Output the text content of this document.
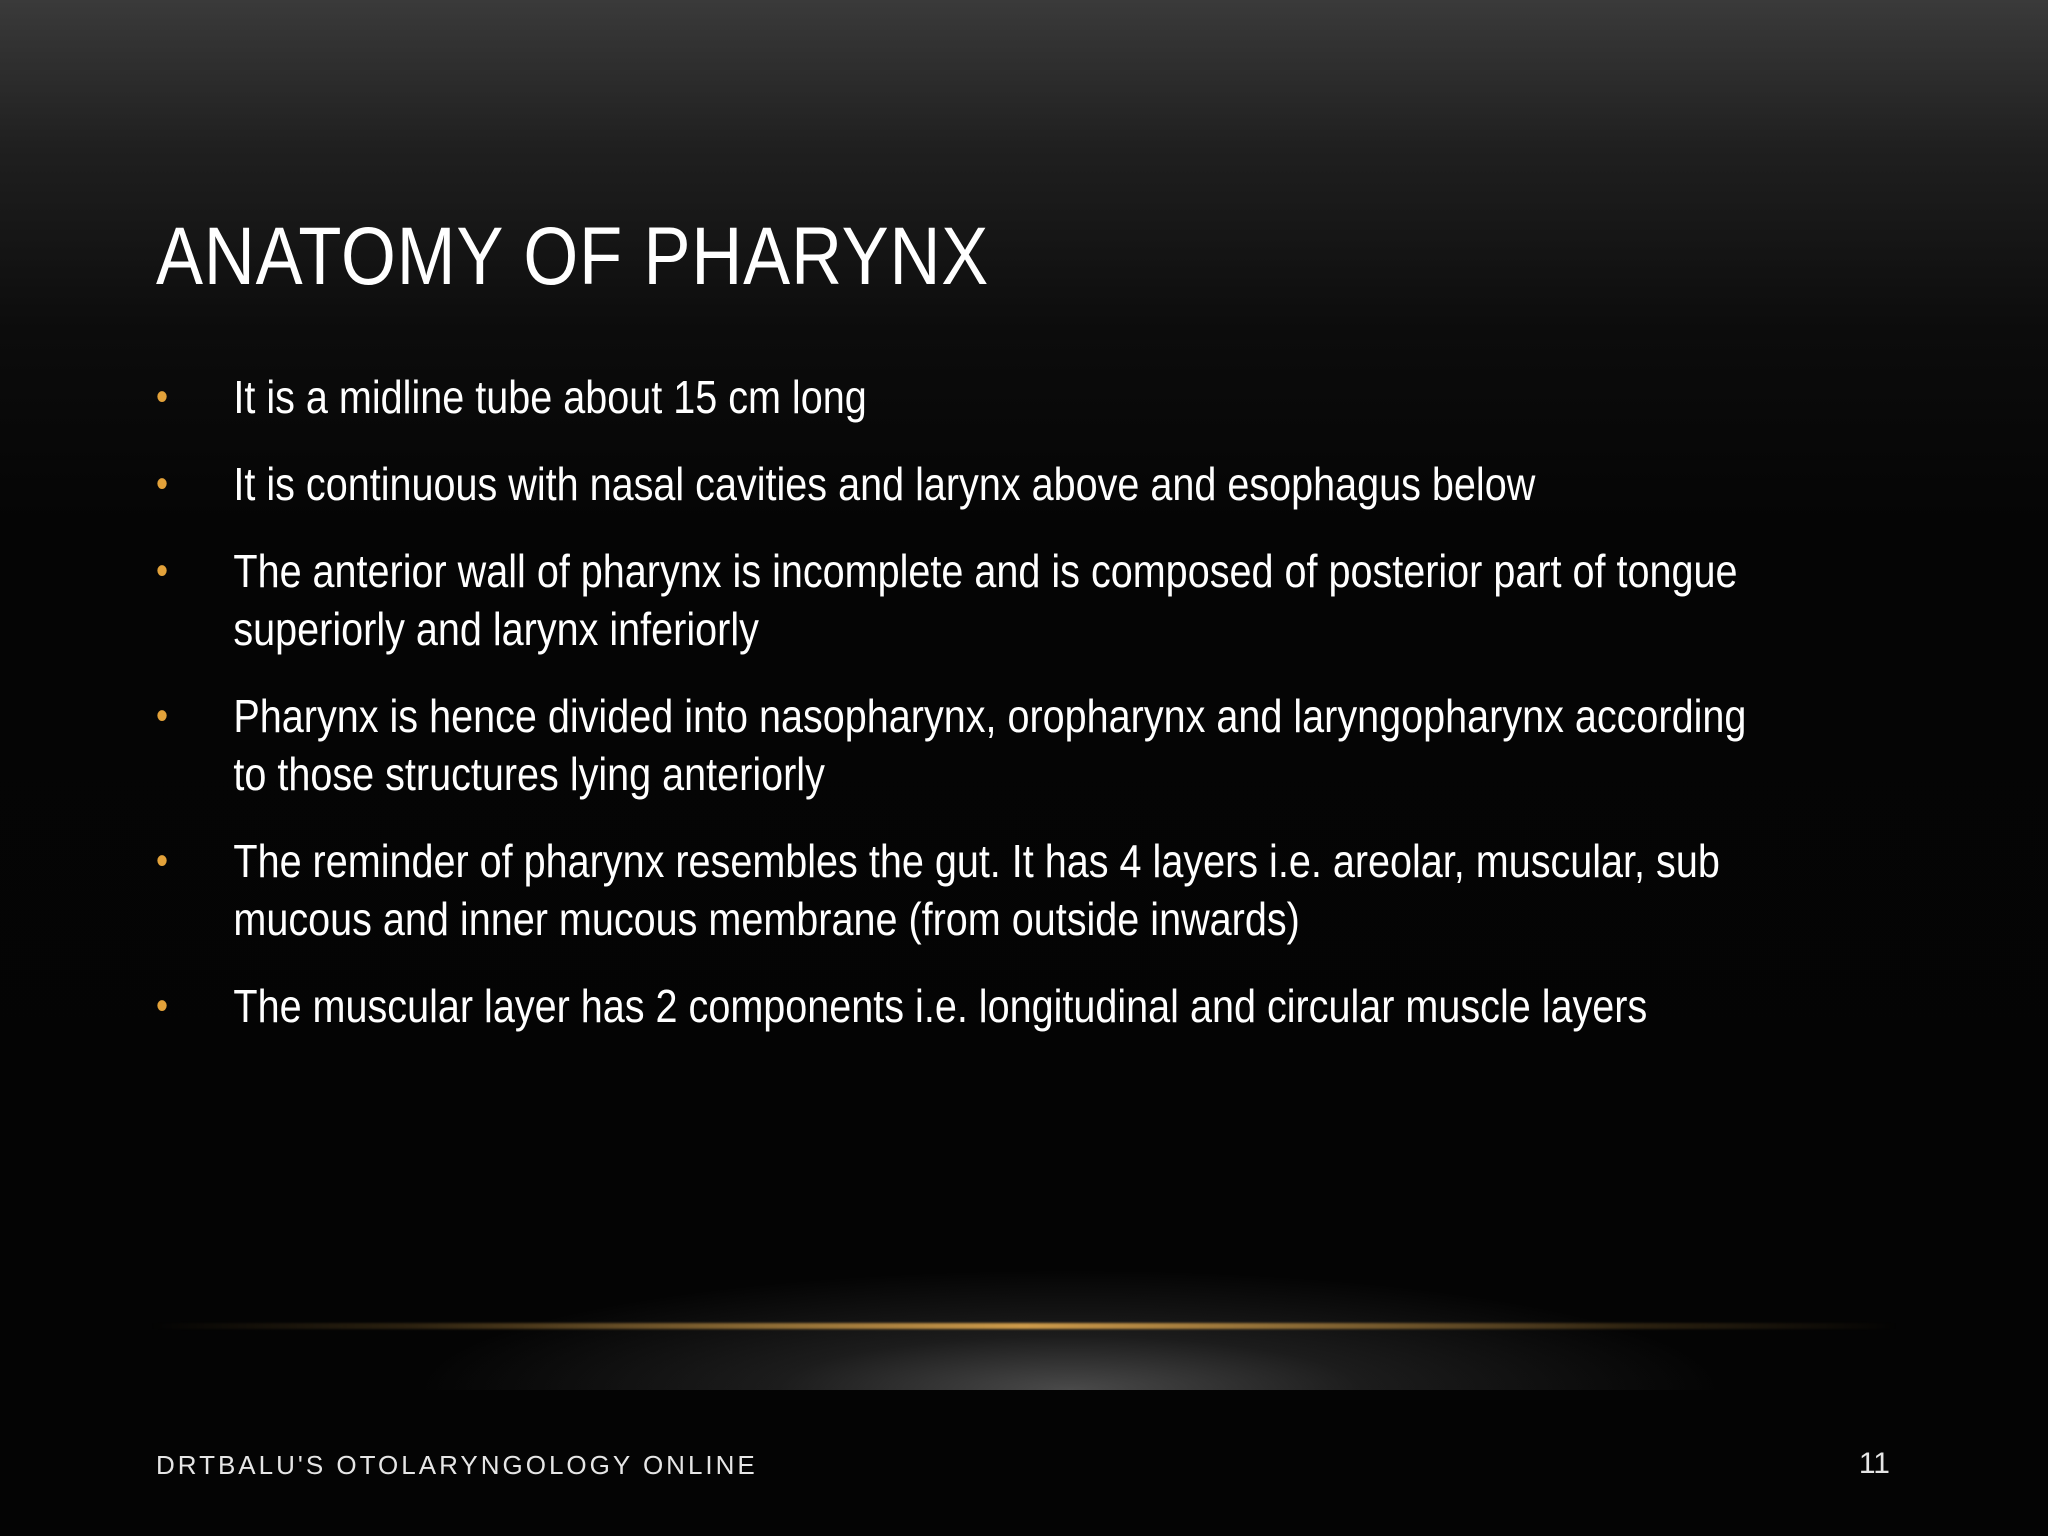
ANATOMY OF PHARYNX
• It is a midline tube about 15 cm long
• It is continuous with nasal cavities and larynx above and esophagus below
• The anterior wall of pharynx is incomplete and is composed of posterior part of tongue superiorly and larynx inferiorly
• Pharynx is hence divided into nasopharynx, oropharynx and laryngopharynx according to those structures lying anteriorly
• The reminder of pharynx resembles the gut. It has 4 layers i.e. areolar, muscular, sub mucous and inner mucous membrane (from outside inwards)
• The muscular layer has 2 components i.e. longitudinal and circular muscle layers
DRTBALU'S OTOLARYNGOLOGY ONLINE	11
